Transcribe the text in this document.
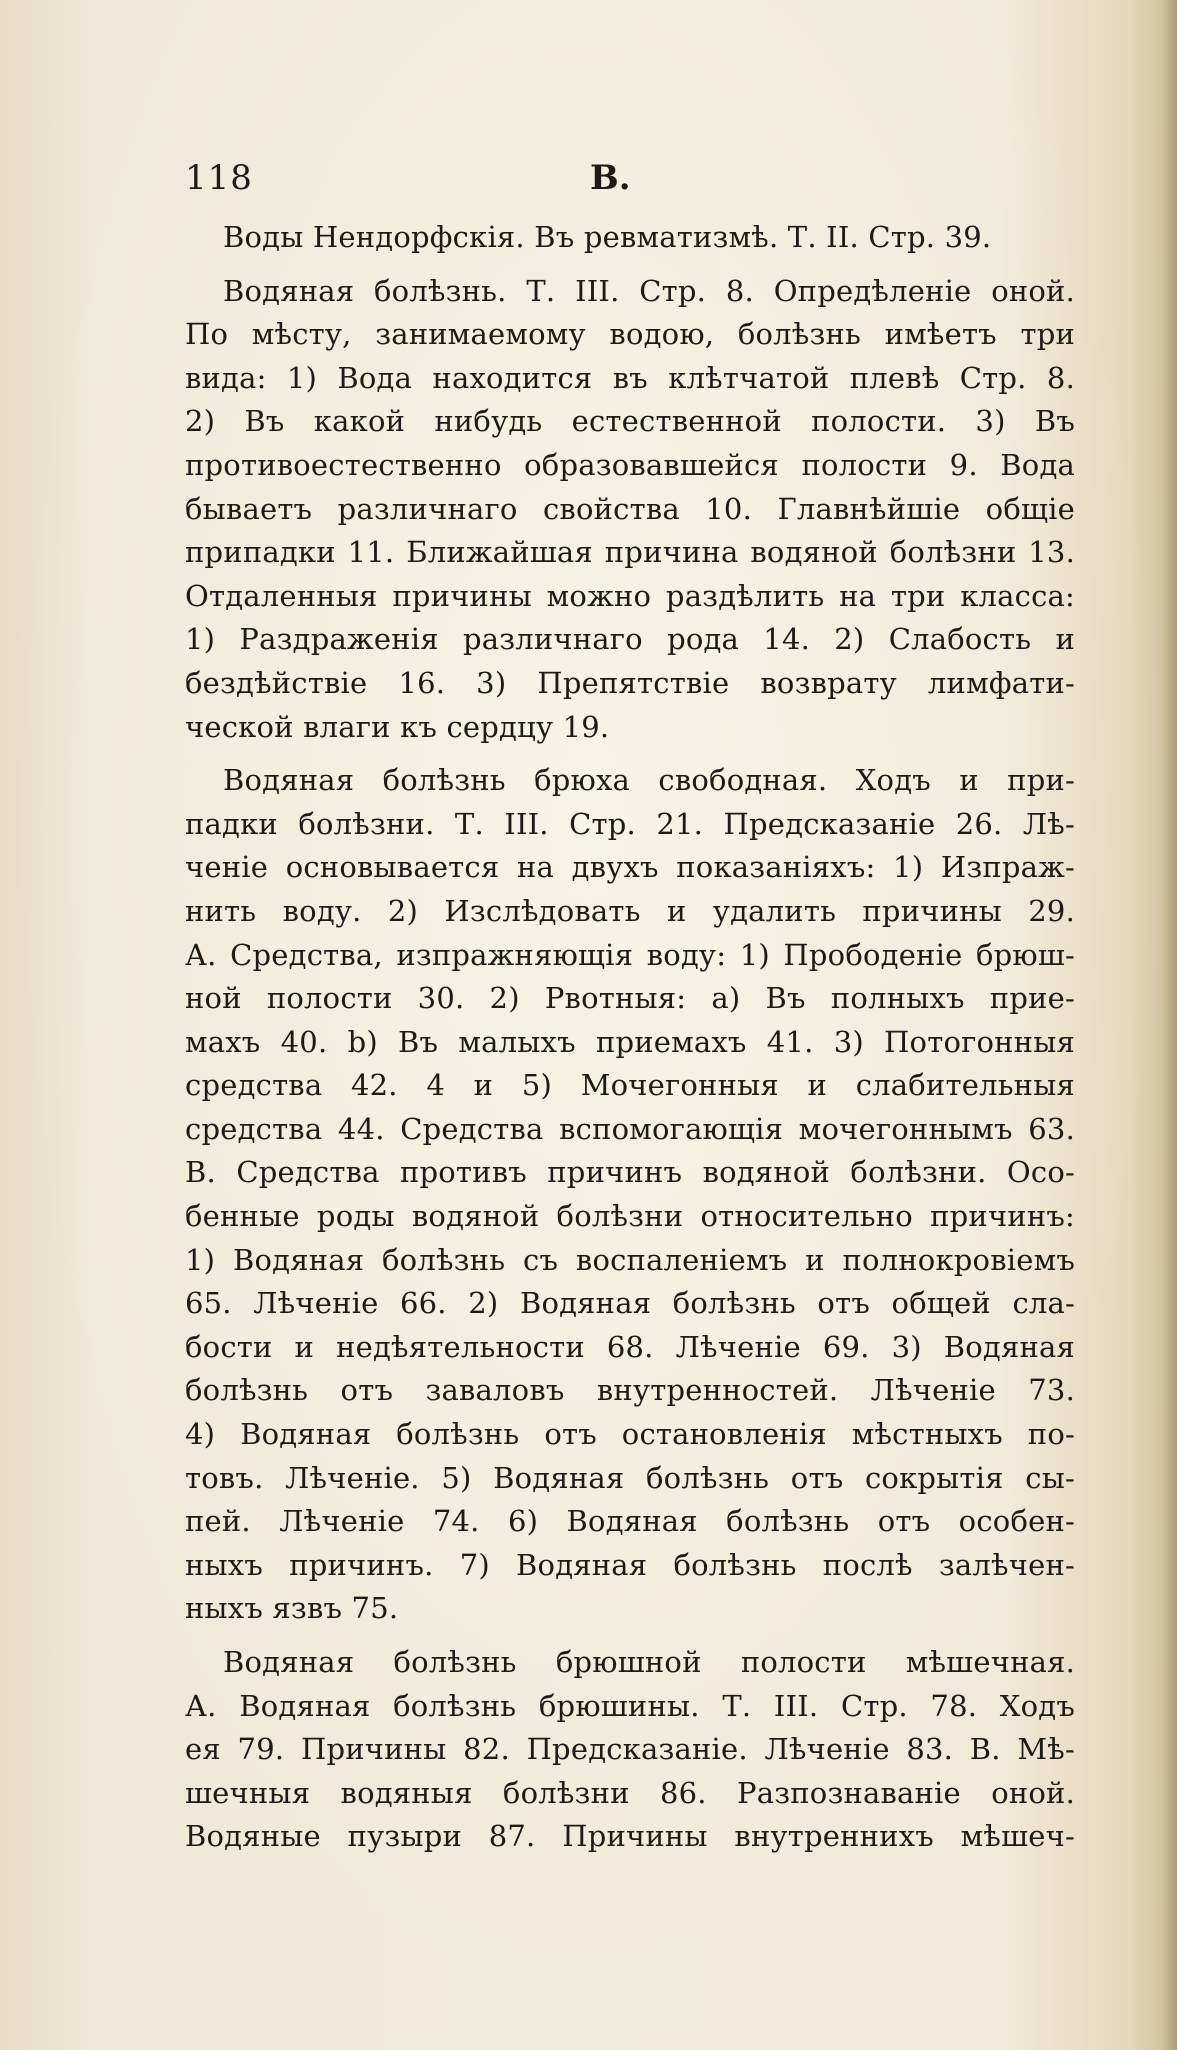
118	В.
Воды Нендорфскія. Въ ревматизмѣ. Т. II. Стр. 39.
Водяная болѣзнь. Т. III. Стр. 8. Опредѣленіе оной.
По мѣсту, занимаемому водою, болѣзнь имѣетъ три
вида: 1) Вода находится въ клѣтчатой плевѣ Стр. 8.
2) Въ какой нибудь естественной полости. 3) Въ
противоестественно образовавшейся полости 9. Вода
бываетъ различнаго свойства 10. Главнѣйшіе общіе
припадки 11. Ближайшая причина водяной болѣзни 13.
Отдаленныя причины можно раздѣлить на три класса:
1) Раздраженія различнаго рода 14. 2) Слабость и
бездѣйствіе 16. 3) Препятствіе возврату лимфати-
ческой влаги къ сердцу 19.
Водяная болѣзнь брюха свободная. Ходъ и при-
падки болѣзни. Т. III. Стр. 21. Предсказаніе 26. Лѣ-
ченіе основывается на двухъ показаніяхъ: 1) Изпраж-
нить воду. 2) Изслѣдовать и удалить причины 29.
А. Средства, изпражняющія воду: 1) Прободеніе брюш-
ной полости 30. 2) Рвотныя: а) Въ полныхъ прие-
махъ 40. b) Въ малыхъ приемахъ 41. 3) Потогонныя
средства 42. 4 и 5) Мочегонныя и слабительныя
средства 44. Средства вспомогающія мочегоннымъ 63.
В. Средства противъ причинъ водяной болѣзни. Осо-
бенные роды водяной болѣзни относительно причинъ:
1) Водяная болѣзнь съ воспаленіемъ и полнокровіемъ
65. Лѣченіе 66. 2) Водяная болѣзнь отъ общей сла-
бости и недѣятельности 68. Лѣченіе 69. 3) Водяная
болѣзнь отъ заваловъ внутренностей. Лѣченіе 73.
4) Водяная болѣзнь отъ остановленія мѣстныхъ по-
товъ. Лѣченіе. 5) Водяная болѣзнь отъ сокрытія сы-
пей. Лѣченіе 74. 6) Водяная болѣзнь отъ особен-
ныхъ причинъ. 7) Водяная болѣзнь послѣ залѣчен-
ныхъ язвъ 75.
Водяная болѣзнь брюшной полости мѣшечная.
А. Водяная болѣзнь брюшины. Т. III. Стр. 78. Ходъ
ея 79. Причины 82. Предсказаніе. Лѣченіе 83. В. Мѣ-
шечныя водяныя болѣзни 86. Разпознаваніе оной.
Водяные пузыри 87. Причины внутреннихъ мѣшеч-
